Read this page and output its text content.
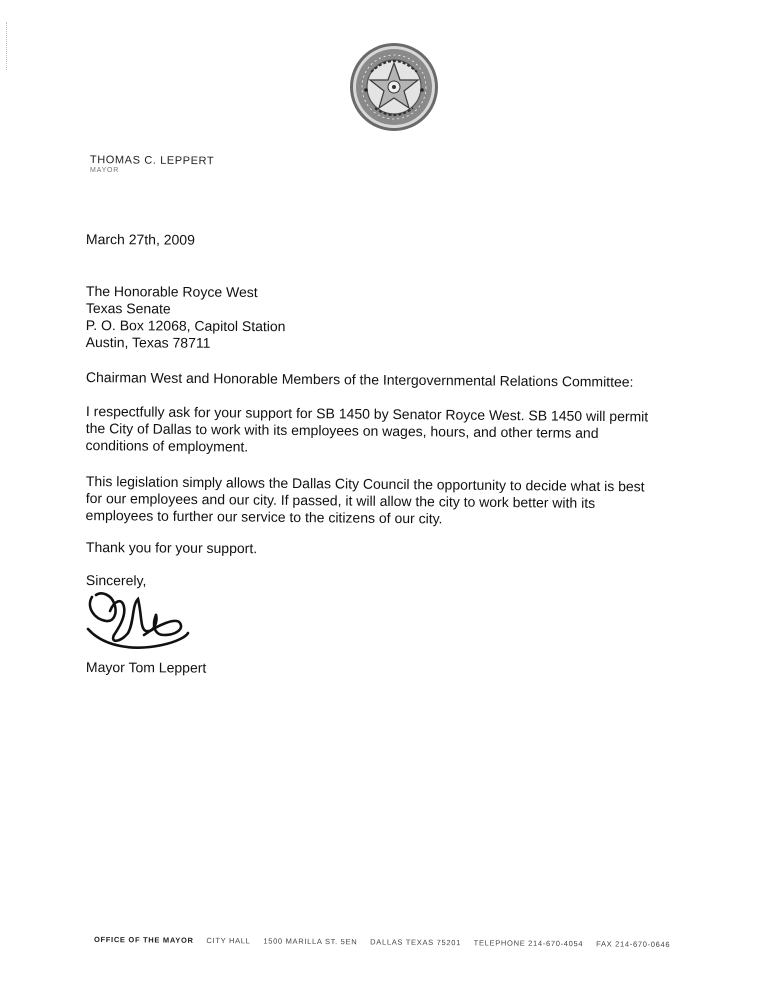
THOMAS C. LEPPERT
MAYOR
March 27th, 2009
The Honorable Royce West
Texas Senate
P. O. Box 12068, Capitol Station
Austin, Texas 78711
Chairman West and Honorable Members of the Intergovernmental Relations Committee:
I respectfully ask for your support for SB 1450 by Senator Royce West. SB 1450 will permit
the City of Dallas to work with its employees on wages, hours, and other terms and
conditions of employment.
This legislation simply allows the Dallas City Council the opportunity to decide what is best
for our employees and our city. If passed, it will allow the city to work better with its
employees to further our service to the citizens of our city.
Thank you for your support.
Sincerely,
Mayor Tom Leppert
OFFICE OF THE MAYOR CITY HALL 1500 MARILLA ST. 5EN DALLAS TEXAS 75201 TELEPHONE 214-670-4054 FAX 214-670-0646
